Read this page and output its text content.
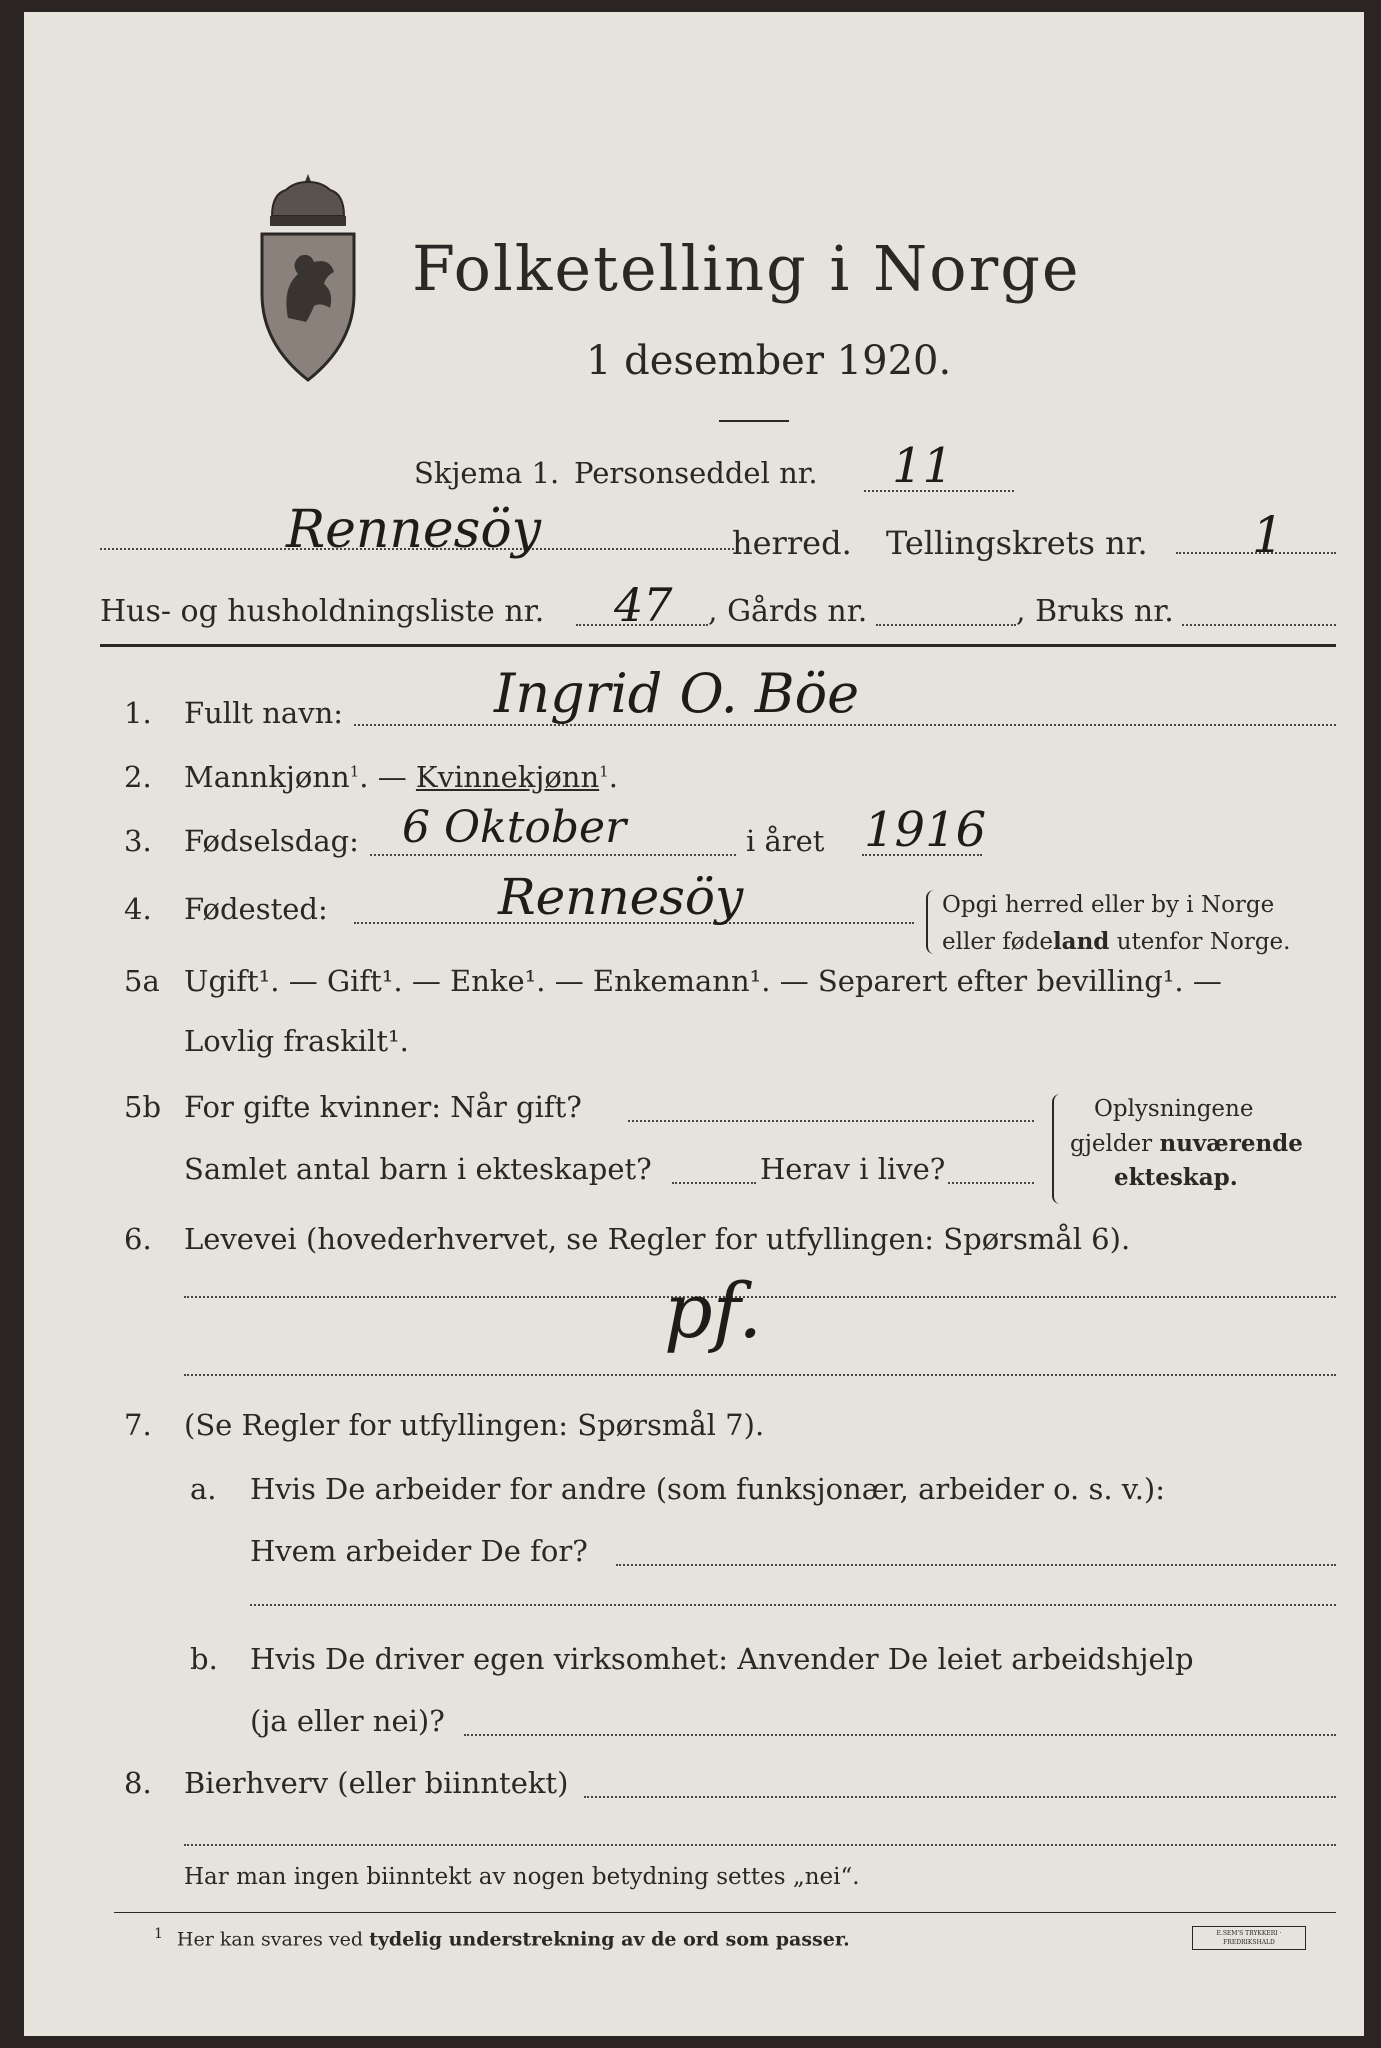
Folketelling i Norge
1 desember 1920.
Skjema 1. Personseddel nr. 11
Rennesöy	herred. Tellingskrets nr. 1
Hus- og husholdningsliste nr. 47 , Gårds nr.	, Bruks nr.
1. Fullt navn:	Ingrid O. Böe
2. Mannkjønn$^1$. — Kvinnekjønn$^1$.
3. Fødselsdag: 6 Oktober	i året 1916
4. Fødested:	Rennesöy	Opgi herred eller by i Norge
eller fødeland utenfor Norge.
5a Ugift¹. — Gift¹. — Enke¹. — Enkemann¹. — Separert efter bevilling¹. —
Lovlig fraskilt¹.
5b For gifte kvinner: Når gift?
Samlet antal barn i ekteskapet?	Herav i live?
Oplysningene
gjelder nuværende
ekteskap.
6. Levevei (hovederhvervet, se Regler for utfyllingen: Spørsmål 6).
pf.
7. (Se Regler for utfyllingen: Spørsmål 7).
a. Hvis De arbeider for andre (som funksjonær, arbeider o. s. v.):
Hvem arbeider De for?
b. Hvis De driver egen virksomhet: Anvender De leiet arbeidshjelp
(ja eller nei)?
8. Bierhverv (eller biinntekt)
Har man ingen biinntekt av nogen betydning settes „nei“.
$^1$ Her kan svares ved tydelig understrekning av de ord som passer.	E.SEM'S TRYKKERI · FREDRIKSHALD
